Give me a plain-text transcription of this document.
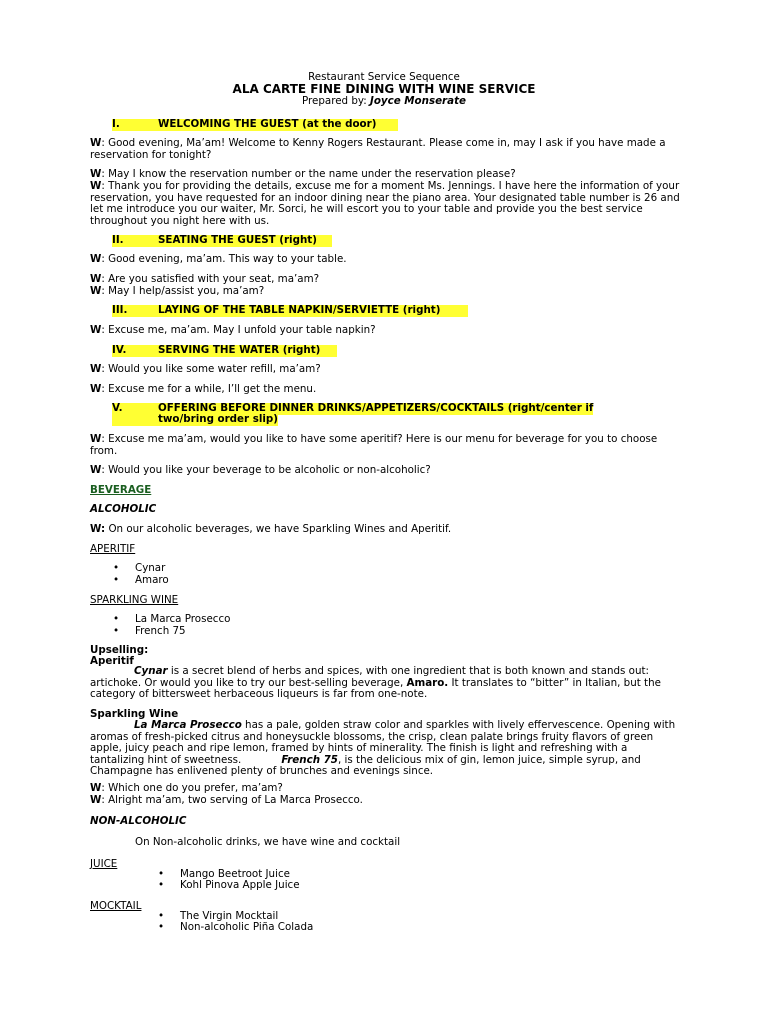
Restaurant Service Sequence
ALA CARTE FINE DINING WITH WINE SERVICE
Prepared by: Joyce Monserate
I.	WELCOMING THE GUEST (at the door)
W: Good evening, Ma’am! Welcome to Kenny Rogers Restaurant. Please come in, may I ask if you have made a reservation for tonight?
W: May I know the reservation number or the name under the reservation please?
W: Thank you for providing the details, excuse me for a moment Ms. Jennings. I have here the information of your reservation, you have requested for an indoor dining near the piano area. Your designated table number is 26 and let me introduce you our waiter, Mr. Sorci, he will escort you to your table and provide you the best service throughout you night here with us.
II.	SEATING THE GUEST (right)
W: Good evening, ma’am. This way to your table.
W: Are you satisfied with your seat, ma’am?
W: May I help/assist you, ma’am?
III.	LAYING OF THE TABLE NAPKIN/SERVIETTE (right)
W: Excuse me, ma’am. May I unfold your table napkin?
IV.	SERVING THE WATER (right)
W: Would you like some water refill, ma’am?
W: Excuse me for a while, I’ll get the menu.
V.	OFFERING BEFORE DINNER DRINKS/APPETIZERS/COCKTAILS (right/center if
two/bring order slip)
W: Excuse me ma’am, would you like to have some aperitif? Here is our menu for beverage for you to choose from.
W: Would you like your beverage to be alcoholic or non-alcoholic?
BEVERAGE
ALCOHOLIC
W: On our alcoholic beverages, we have Sparkling Wines and Aperitif.
APERITIF
• Cynar
• Amaro
SPARKLING WINE
• La Marca Prosecco
• French 75
Upselling:
Aperitif
Cynar is a secret blend of herbs and spices, with one ingredient that is both known and stands out: artichoke. Or would you like to try our best-selling beverage, Amaro. It translates to “bitter” in Italian, but the category of bittersweet herbaceous liqueurs is far from one-note.
Sparkling Wine
La Marca Prosecco has a pale, golden straw color and sparkles with lively effervescence. Opening with aromas of fresh-picked citrus and honeysuckle blossoms, the crisp, clean palate brings fruity flavors of green apple, juicy peach and ripe lemon, framed by hints of minerality. The finish is light and refreshing with a tantalizing hint of sweetness.	French 75, is the delicious mix of gin, lemon juice, simple syrup, and Champagne has enlivened plenty of brunches and evenings since.
W: Which one do you prefer, ma’am?
W: Alright ma’am, two serving of La Marca Prosecco.
NON-ALCOHOLIC
On Non-alcoholic drinks, we have wine and cocktail
JUICE
• Mango Beetroot Juice
• Kohl Pinova Apple Juice
MOCKTAIL
• The Virgin Mocktail
• Non-alcoholic Piña Colada
